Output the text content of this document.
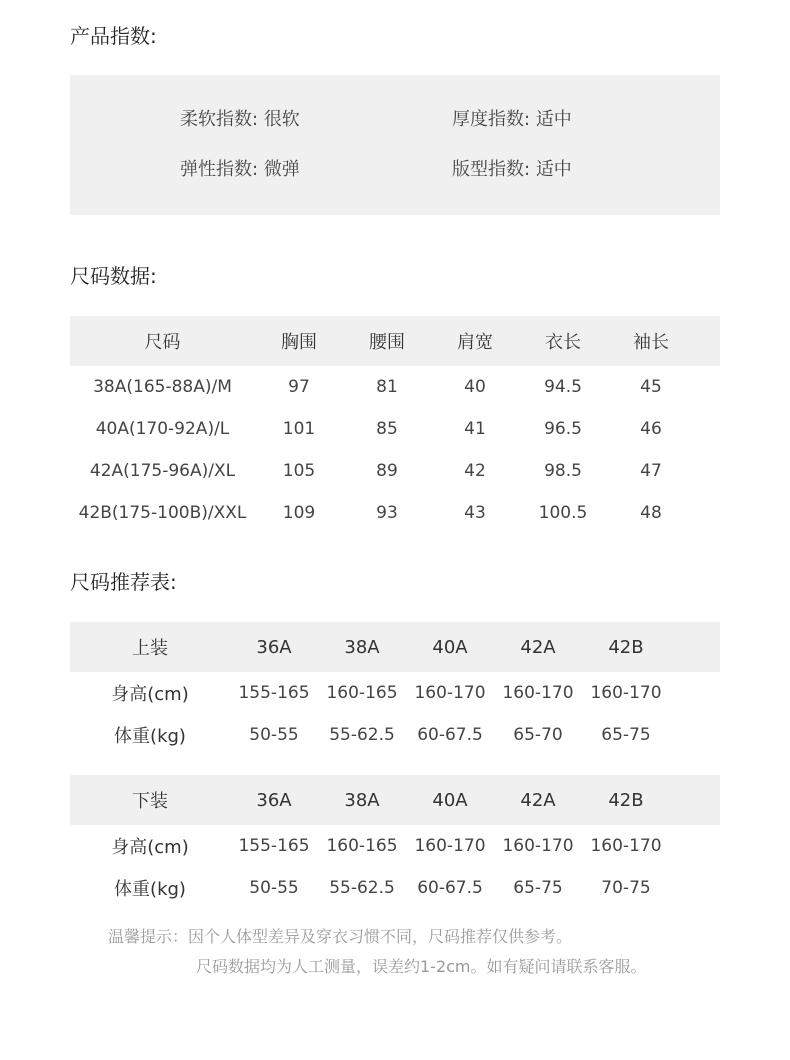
产品指数:
柔软指数: 很软	厚度指数: 适中
弹性指数: 微弹	版型指数: 适中
尺码数据:
尺码	胸围	腰围	肩宽	衣长	袖长	
38A(165-88A)/M	97	81	40	94.5	45	
40A(170-92A)/L	101	85	41	96.5	46	
42A(175-96A)/XL	105	89	42	98.5	47	
42B(175-100B)/XXL	109	93	43	100.5	48	
尺码推荐表:
上装	36A	38A	40A	42A	42B	
身高(cm)	155-165	160-165	160-170	160-170	160-170	
体重(kg)	50-55	55-62.5	60-67.5	65-70	65-75	
下装	36A	38A	40A	42A	42B	
身高(cm)	155-165	160-165	160-170	160-170	160-170	
体重(kg)	50-55	55-62.5	60-67.5	65-75	70-75	
温馨提示：因个人体型差异及穿衣习惯不同，尺码推荐仅供参考。
尺码数据均为人工测量，误差约1-2cm。如有疑问请联系客服。
